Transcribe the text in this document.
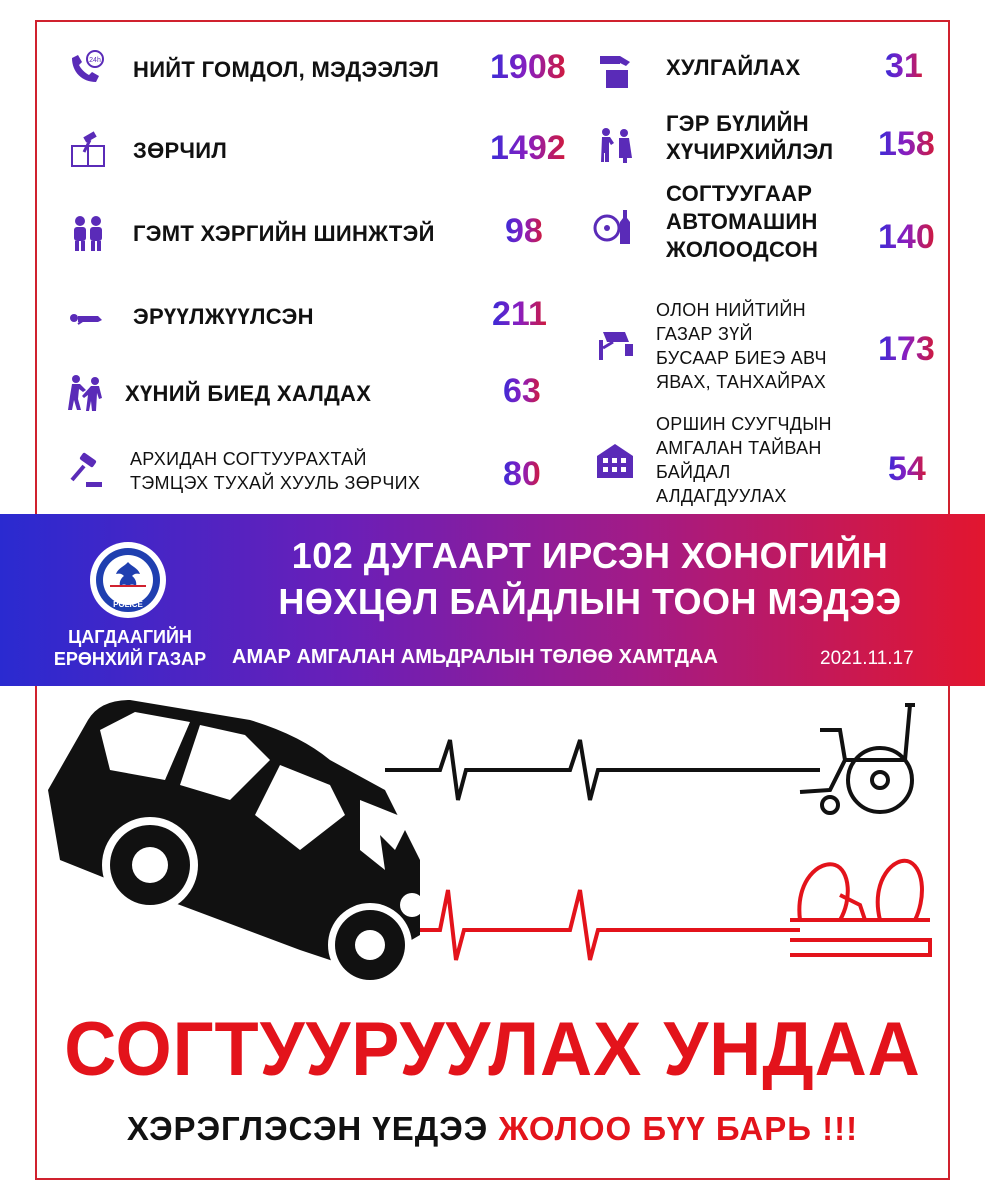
24h НИЙТ ГОМДОЛ, МЭДЭЭЛЭЛ 1908
ЗӨРЧИЛ	1492
ГЭМТ ХЭРГИЙН ШИНЖТЭЙ 98
ЭРҮҮЛЖҮҮЛСЭН	211
ХҮНИЙ БИЕД ХАЛДАХ	63
АРХИДАН СОГТУУРАХТАЙ
ТЭМЦЭХ ТУХАЙ ХУУЛЬ ЗӨРЧИХ 80
ХУЛГАЙЛАХ 31
ГЭР БҮЛИЙН
ХҮЧИРХИЙЛЭЛ 158
СОГТУУГААР
АВТОМАШИН
ЖОЛООДСОН 140
ОЛОН НИЙТИЙН
ГАЗАР ЗҮЙ
БУСААР БИЕЭ АВЧ
ЯВАХ, ТАНХАЙРАХ
173
ОРШИН СУУГЧДЫН
АМГАЛАН ТАЙВАН
БАЙДАЛ
АЛДАГДУУЛАХ
54
POLICE
ЦАГДААГИЙН
ЕРӨНХИЙ ГАЗАР
102 ДУГААРТ ИРСЭН ХОНОГИЙН
НӨХЦӨЛ БАЙДЛЫН ТООН МЭДЭЭ
АМАР АМГАЛАН АМЬДРАЛЫН ТӨЛӨӨ ХАМТДАА	2021.11.17
СОГТУУРУУЛАХ УНДАА
ХЭРЭГЛЭСЭН ҮЕДЭЭ ЖОЛОО БҮҮ БАРЬ !!!
